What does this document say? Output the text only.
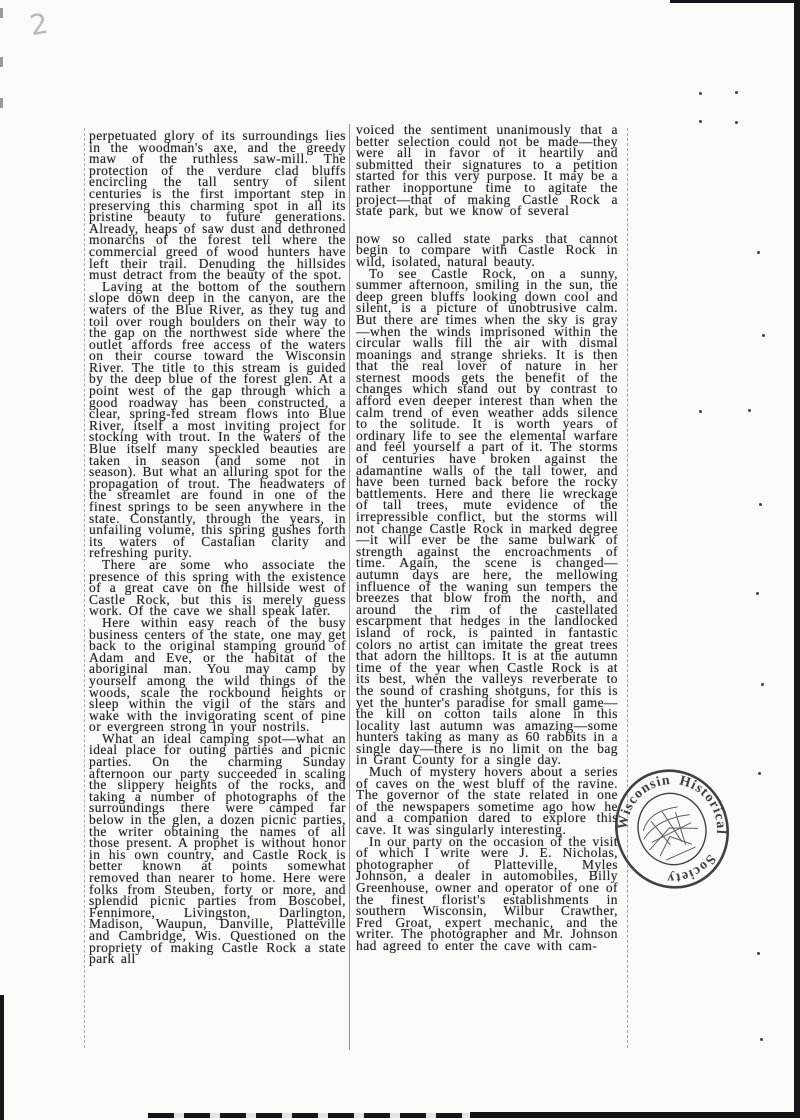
2

perpetuated glory of its surroundings lies in the woodman's axe, and the greedy maw of the ruthless saw-mill. The protection of the verdure clad bluffs encircling the tall sentry of silent centuries is the first important step in preserving this charming spot in all its pristine beauty to future generations. Already, heaps of saw dust and dethroned monarchs of the forest tell where the commercial greed of wood hunters have left their trail. Denuding the hillsides must detract from the beauty of the spot.

Laving at the bottom of the southern slope down deep in the canyon, are the waters of the Blue River, as they tug and toil over rough boulders on their way to the gap on the northwest side where the outlet affords free access of the waters on their course toward the Wisconsin River. The title to this stream is guided by the deep blue of the forest glen. At a point west of the gap through which a good roadway has been constructed, a clear, spring-fed stream flows into Blue River, itself a most inviting project for stocking with trout. In the waters of the Blue itself many speckled beauties are taken in season (and some not in season). But what an alluring spot for the propagation of trout. The headwaters of the streamlet are found in one of the finest springs to be seen anywhere in the state. Constantly, through the years, in unfailing volume, this spring gushes forth its waters of Castalian clarity and refreshing purity.

There are some who associate the presence of this spring with the existence of a great cave on the hillside west of Castle Rock, but this is merely guess work. Of the cave we shall speak later.

Here within easy reach of the busy business centers of the state, one may get back to the original stamping ground of Adam and Eve, or the habitat of the aboriginal man. You may camp by yourself among the wild things of the woods, scale the rockbound heights or sleep within the vigil of the stars and wake with the invigorating scent of pine or evergreen strong in your nostrils.

What an ideal camping spot—what an ideal place for outing parties and picnic parties. On the charming Sunday afternoon our party succeeded in scaling the slippery heights of the rocks, and taking a number of photographs of the surroundings there were camped far below in the glen, a dozen picnic parties, the writer obtaining the names of all those present. A prophet is without honor in his own country, and Castle Rock is better known at points somewhat removed than nearer to home. Here were folks from Steuben, forty or more, and splendid picnic parties from Boscobel, Fennimore, Livingston, Darlington, Madison, Waupun, Danville, Platteville and Cambridge, Wis. Questioned on the propriety of making Castle Rock a state park all

voiced the sentiment unanimously that a better selection could not be made—they were all in favor of it heartily and submitted their signatures to a petition started for this very purpose. It may be a rather inopportune time to agitate the project—that of making Castle Rock a state park, but we know of several

now so called state parks that cannot begin to compare with Castle Rock in wild, isolated, natural beauty.

To see Castle Rock, on a sunny, summer afternoon, smiling in the sun, the deep green bluffs looking down cool and silent, is a picture of unobtrusive calm. But there are times when the sky is gray—when the winds imprisoned within the circular walls fill the air with dismal moanings and strange shrieks. It is then that the real lover of nature in her sternest moods gets the benefit of the changes which stand out by contrast to afford even deeper interest than when the calm trend of even weather adds silence to the solitude. It is worth years of ordinary life to see the elemental warfare and feel yourself a part of it. The storms of centuries have broken against the adamantine walls of the tall tower, and have been turned back before the rocky battlements. Here and there lie wreckage of tall trees, mute evidence of the irrepressible conflict, but the storms will not change Castle Rock in marked degree—it will ever be the same bulwark of strength against the encroachments of time. Again, the scene is changed—autumn days are here, the mellowing influence of the waning sun tempers the breezes that blow from the north, and around the rim of the castellated escarpment that hedges in the landlocked island of rock, is painted in fantastic colors no artist can imitate the great trees that adorn the hilltops. It is at the autumn time of the year when Castle Rock is at its best, when the valleys reverberate to the sound of crashing shotguns, for this is yet the hunter's paradise for small game—the kill on cotton tails alone in this locality last autumn was amazing—some hunters taking as many as 60 rabbits in a single day—there is no limit on the bag in Grant County for a single day.

Much of mystery hovers about a series of caves on the west bluff of the ravine. The governor of the state related in one of the newspapers sometime ago how he and a companion dared to explore this cave. It was singularly interesting.

In our party on the occasion of the visit of which I write were J. E. Nicholas, photographer of Platteville, Myles Johnson, a dealer in automobiles, Billy Greenhouse, owner and operator of one of the finest florist's establishments in southern Wisconsin, Wilbur Crawther, Fred Groat, expert mechanic, and the writer. The photographer and Mr. Johnson had agreed to enter the cave with cam-

Wisconsin Historical
Society
